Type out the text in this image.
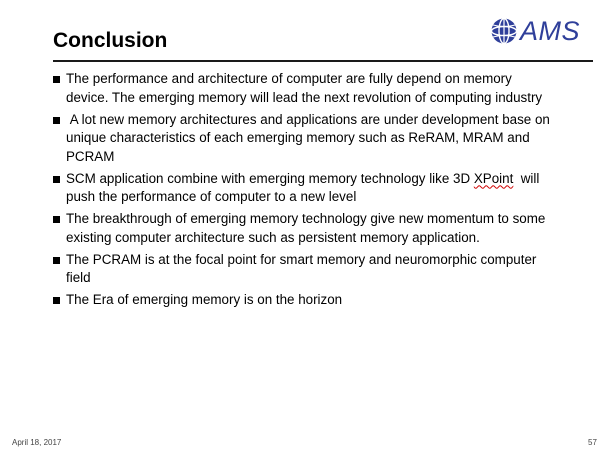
Conclusion	AMS
The performance and architecture of computer are fully depend on memory device. The emerging memory will lead the next revolution of computing industry
A lot new memory architectures and applications are under development base on unique characteristics of each emerging memory such as ReRAM, MRAM and PCRAM
SCM application combine with emerging memory technology like 3D XPoint  will push the performance of computer to a new level
The breakthrough of emerging memory technology give new momentum to some existing computer architecture such as persistent memory application.
The PCRAM is at the focal point for smart memory and neuromorphic computer field
The Era of emerging memory is on the horizon
April 18, 2017	57
